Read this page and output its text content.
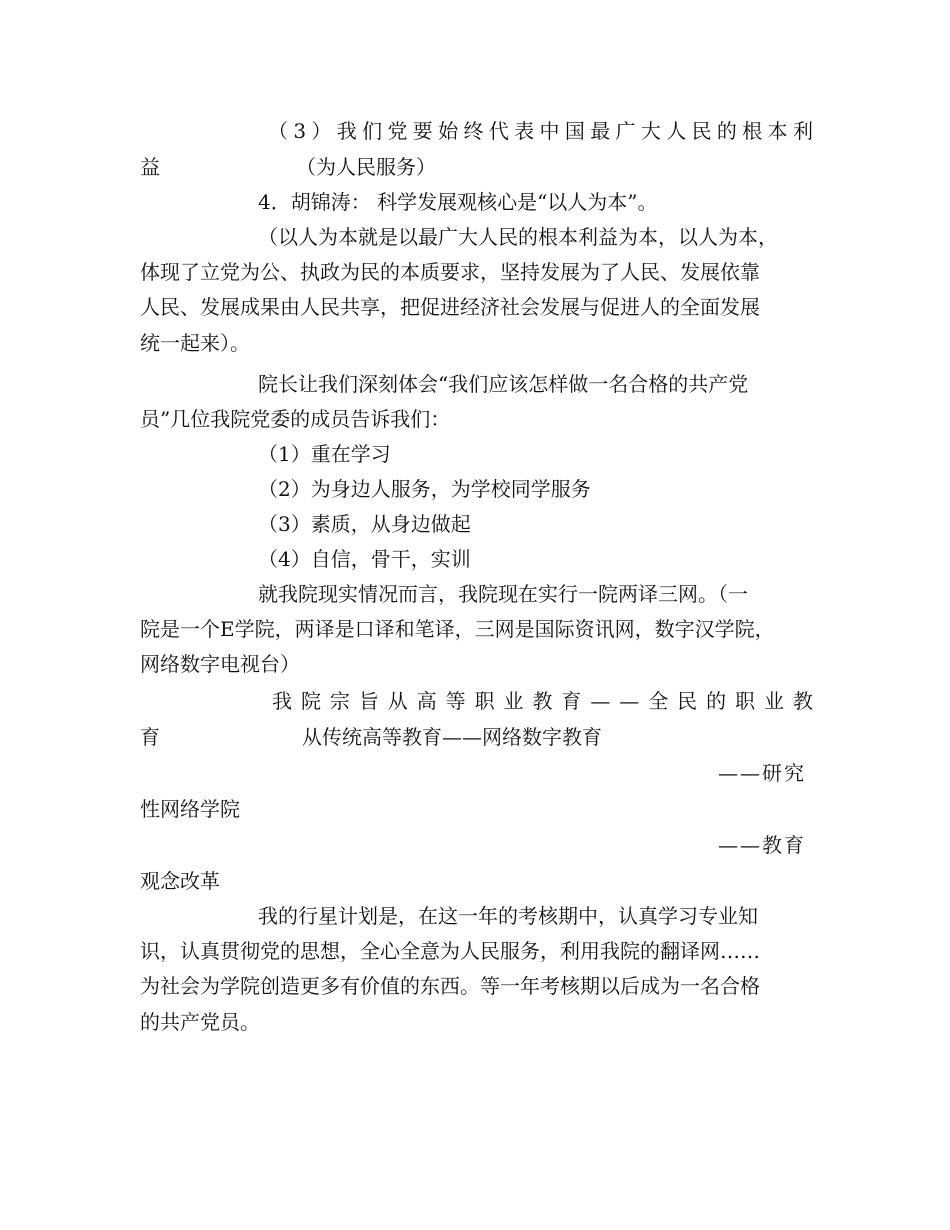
（ 3 ） 我 们 党 要 始 终 代 表 中 国 最 广 大 人 民 的 根 本 利
益	（为人民服务）
4．胡锦涛： 科学发展观核心是“以人为本”。
（以人为本就是以最广大人民的根本利益为本，以人为本，
体现了立党为公、执政为民的本质要求，坚持发展为了人民、发展依靠
人民、发展成果由人民共享，把促进经济社会发展与促进人的全面发展
统一起来）。
院长让我们深刻体会“我们应该怎样做一名合格的共产党
员”几位我院党委的成员告诉我们：
（1）重在学习
（2）为身边人服务，为学校同学服务
（3）素质，从身边做起
（4）自信，骨干，实训
就我院现实情况而言，我院现在实行一院两译三网。（一
院是一个E学院，两译是口译和笔译，三网是国际资讯网，数字汉学院，
网络数字电视台）
我 院 宗 旨 从 高 等 职 业 教 育 — — 全 民 的 职 业 教
育	从传统高等教育——网络数字教育
——研究
性网络学院
——教育
观念改革
我的行星计划是，在这一年的考核期中，认真学习专业知
识，认真贯彻党的思想，全心全意为人民服务，利用我院的翻译网……
为社会为学院创造更多有价值的东西。等一年考核期以后成为一名合格
的共产党员。
